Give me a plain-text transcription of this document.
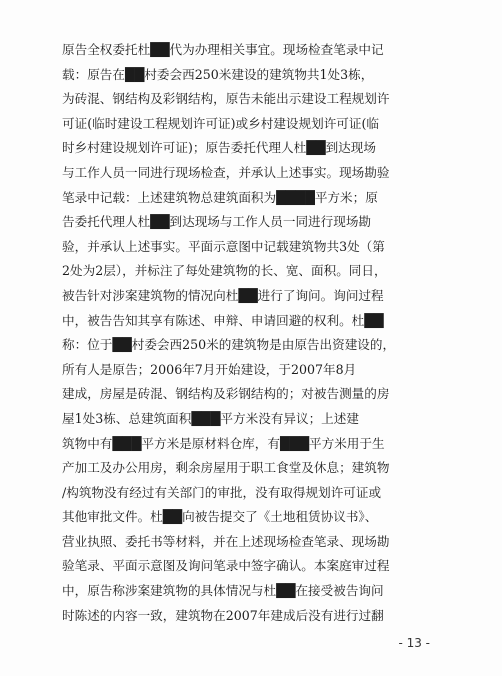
原告全权委托杜██代为办理相关事宜。现场检查笔录中记
载：原告在██村委会西250米建设的建筑物共1处3栋，
为砖混、钢结构及彩钢结构，原告未能出示建设工程规划许
可证(临时建设工程规划许可证)或乡村建设规划许可证(临
时乡村建设规划许可证)；原告委托代理人杜██到达现场
与工作人员一同进行现场检查，并承认上述事实。现场勘验
笔录中记载：上述建筑物总建筑面积为████平方米；原
告委托代理人杜██到达现场与工作人员一同进行现场勘
验，并承认上述事实。平面示意图中记载建筑物共3处（第
2处为2层），并标注了每处建筑物的长、宽、面积。同日，
被告针对涉案建筑物的情况向杜██进行了询问。询问过程
中，被告告知其享有陈述、申辩、申请回避的权利。杜██
称：位于██村委会西250米的建筑物是由原告出资建设的，
所有人是原告；2006年7月开始建设，于2007年8月
建成，房屋是砖混、钢结构及彩钢结构的；对被告测量的房
屋1处3栋、总建筑面积███平方米没有异议；上述建
筑物中有███平方米是原材料仓库，有███平方米用于生
产加工及办公用房，剩余房屋用于职工食堂及休息；建筑物
/构筑物没有经过有关部门的审批，没有取得规划许可证或
其他审批文件。杜██向被告提交了《土地租赁协议书》、
营业执照、委托书等材料，并在上述现场检查笔录、现场勘
验笔录、平面示意图及询问笔录中签字确认。本案庭审过程
中，原告称涉案建筑物的具体情况与杜██在接受被告询问
时陈述的内容一致，建筑物在2007年建成后没有进行过翻
- 13 -
